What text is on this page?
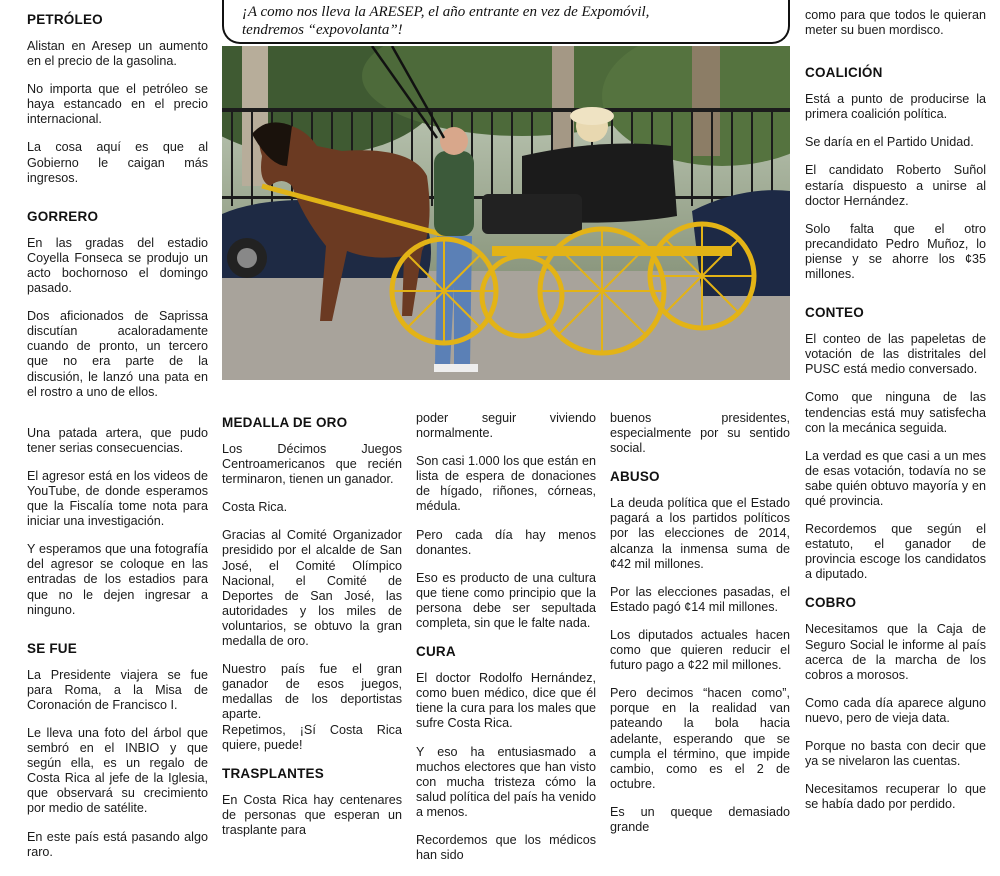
PETRÓLEO

Alistan en Aresep un aumento en el precio de la gasolina.

No importa que el petróleo se haya estancado en el precio internacional.

La cosa aquí es que al Gobierno le caigan más ingresos.

GORRERO

En las gradas del estadio Coyella Fonseca se produjo un acto bochornoso el domingo pasado.

Dos aficionados de Saprissa discutían acaloradamente cuando de pronto, un tercero que no era parte de la discusión, le lanzó una pata en el rostro a uno de ellos.

Una patada artera, que pudo tener serias consecuencias.

El agresor está en los videos de YouTube, de donde esperamos que la Fiscalía tome nota para iniciar una investigación.

Y esperamos que una fotografía del agresor se coloque en las entradas de los estadios para que no le dejen ingresar a ninguno.

SE FUE

La Presidente viajera se fue para Roma, a la Misa de Coronación de Francisco I.

Le lleva una foto del árbol que sembró en el INBIO y que según ella, es un regalo de Costa Rica al jefe de la Iglesia, que observará su crecimiento por medio de satélite.

En este país está pasando algo raro.

¡A como nos lleva la ARESEP, el año entrante en vez de Expomóvil,

tendremos “expovolanta”!

MEDALLA DE ORO

Los Décimos Juegos Centroamericanos que recién terminaron, tienen un ganador.

Costa Rica.

Gracias al Comité Organizador presidido por el alcalde de San José, el Comité Olímpico Nacional, el Comité de Deportes de San José, las autoridades y los miles de voluntarios, se obtuvo la gran medalla de oro.

Nuestro país fue el gran ganador de esos juegos, medallas de los deportistas aparte.

Repetimos, ¡Sí Costa Rica quiere, puede!

TRASPLANTES

En Costa Rica hay centenares de personas que esperan un trasplante para

poder seguir viviendo normalmente.

Son casi 1.000 los que están en lista de espera de donaciones de hígado, riñones, córneas, médula.

Pero cada día hay menos donantes.

Eso es producto de una cultura que tiene como principio que la persona debe ser sepultada completa, sin que le falte nada.

CURA

El doctor Rodolfo Hernández, como buen médico, dice que él tiene la cura para los males que sufre Costa Rica.

Y eso ha entusiasmado a muchos electores que han visto con mucha tristeza cómo la salud política del país ha venido a menos.

Recordemos que los médicos han sido

buenos presidentes, especialmente por su sentido social.

ABUSO

La deuda política que el Estado pagará a los partidos políticos por las elecciones de 2014, alcanza la inmensa suma de ¢42 mil millones.

Por las elecciones pasadas, el Estado pagó ¢14 mil millones.

Los diputados actuales hacen como que quieren reducir el futuro pago a ¢22 mil millones.

Pero decimos “hacen como”, porque en la realidad van pateando la bola hacia adelante, esperando que se cumpla el término, que impide cambio, como es el 2 de octubre.

Es un queque demasiado grande

como para que todos le quieran meter su buen mordisco.

COALICIÓN

Está a punto de producirse la primera coalición política.

Se daría en el Partido Unidad.

El candidato Roberto Suñol estaría dispuesto a unirse al doctor Hernández.

Solo falta que el otro precandidato Pedro Muñoz, lo piense y se ahorre los ¢35 millones.

CONTEO

El conteo de las papeletas de votación de las distritales del PUSC está medio conversado.

Como que ninguna de las tendencias está muy satisfecha con la mecánica seguida.

La verdad es que casi a un mes de esas votación, todavía no se sabe quién obtuvo mayoría y en qué provincia.

Recordemos que según el estatuto, el ganador de provincia escoge los candidatos a diputado.

COBRO

Necesitamos que la Caja de Seguro Social le informe al país acerca de la marcha de los cobros a morosos.

Como cada día aparece alguno nuevo, pero de vieja data.

Porque no basta con decir que ya se nivelaron las cuentas.

Necesitamos recuperar lo que se había dado por perdido.
